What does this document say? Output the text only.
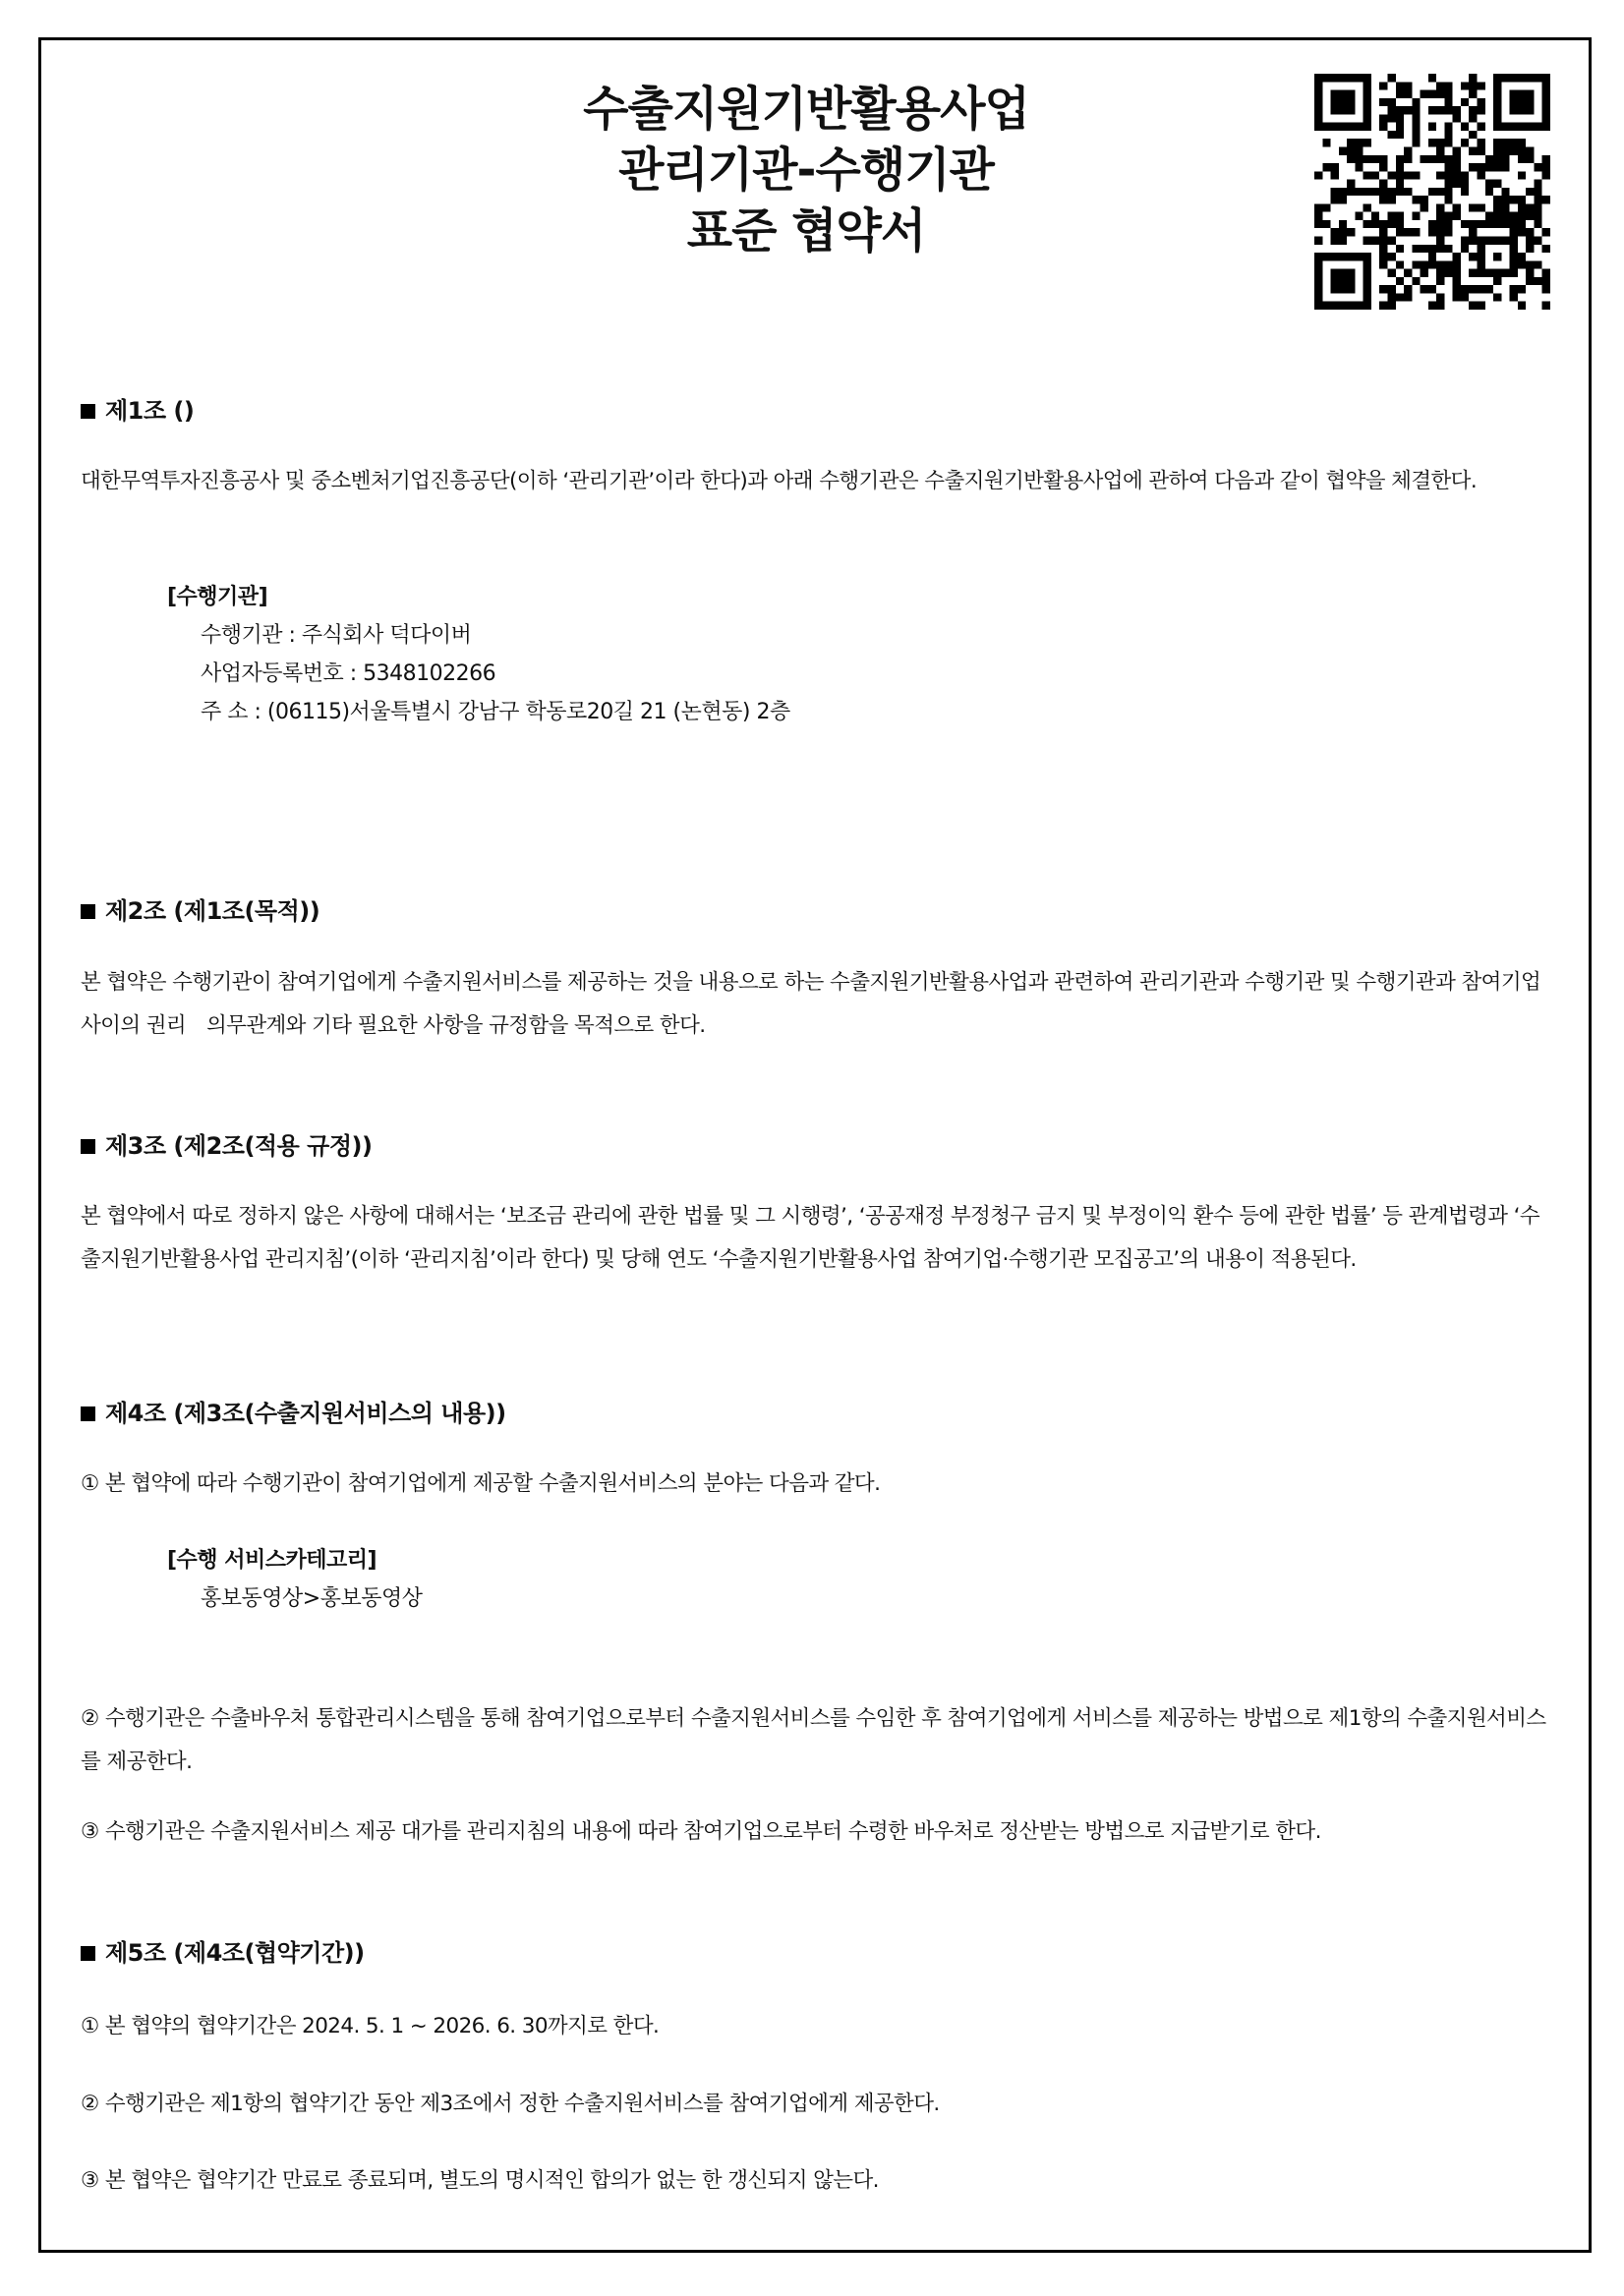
수출지원기반활용사업
관리기관-수행기관
표준 협약서
제1조 ()
대한무역투자진흥공사 및 중소벤처기업진흥공단(이하 ‘관리기관’이라 한다)과 아래 수행기관은 수출지원기반활용사업에 관하여 다음과 같이 협약을 체결한다.
[수행기관]
수행기관 : 주식회사 덕다이버
사업자등록번호 : 5348102266
주 소 : (06115)서울특별시 강남구 학동로20길 21 (논현동) 2층
제2조 (제1조(목적))
본 협약은 수행기관이 참여기업에게 수출지원서비스를 제공하는 것을 내용으로 하는 수출지원기반활용사업과 관련하여 관리기관과 수행기관 및 수행기관과 참여기업 사이의 권리　의무관계와 기타 필요한 사항을 규정함을 목적으로 한다.
제3조 (제2조(적용 규정))
본 협약에서 따로 정하지 않은 사항에 대해서는 ‘보조금 관리에 관한 법률 및 그 시행령’, ‘공공재정 부정청구 금지 및 부정이익 환수 등에 관한 법률’ 등 관계법령과 ‘수출지원기반활용사업 관리지침’(이하 ‘관리지침’이라 한다) 및 당해 연도 ‘수출지원기반활용사업 참여기업·수행기관 모집공고’의 내용이 적용된다.
제4조 (제3조(수출지원서비스의 내용))
① 본 협약에 따라 수행기관이 참여기업에게 제공할 수출지원서비스의 분야는 다음과 같다.
[수행 서비스카테고리]
홍보동영상>홍보동영상
② 수행기관은 수출바우처 통합관리시스템을 통해 참여기업으로부터 수출지원서비스를 수임한 후 참여기업에게 서비스를 제공하는 방법으로 제1항의 수출지원서비스를 제공한다.
③ 수행기관은 수출지원서비스 제공 대가를 관리지침의 내용에 따라 참여기업으로부터 수령한 바우처로 정산받는 방법으로 지급받기로 한다.
제5조 (제4조(협약기간))
① 본 협약의 협약기간은 2024. 5. 1 ~ 2026. 6. 30까지로 한다.
② 수행기관은 제1항의 협약기간 동안 제3조에서 정한 수출지원서비스를 참여기업에게 제공한다.
③ 본 협약은 협약기간 만료로 종료되며, 별도의 명시적인 합의가 없는 한 갱신되지 않는다.
